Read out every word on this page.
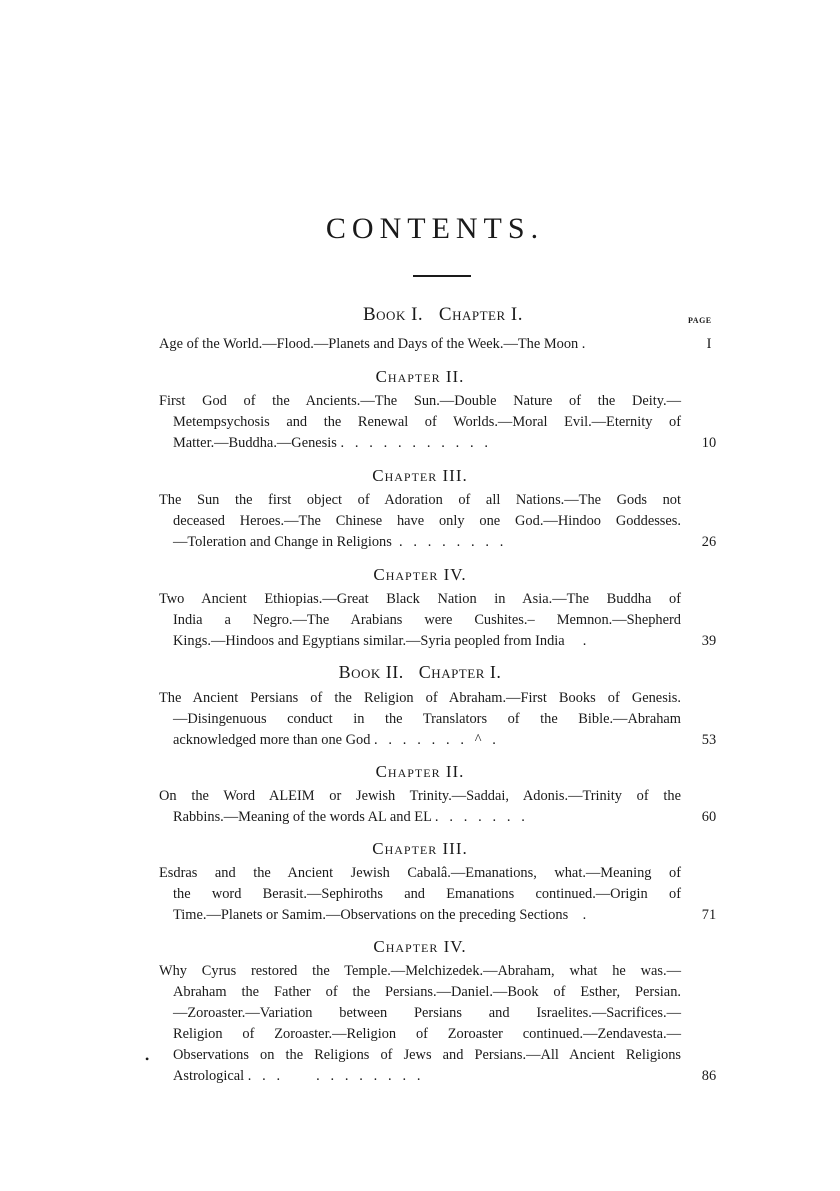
CONTENTS.
Book I. Chapter I.	PAGE
Age of the World.—Flood.—Planets and Days of the Week.—The Moon .	I
Chapter II.
First God of the Ancients.—The Sun.—Double Nature of the Deity.—
Metempsychosis and the Renewal of Worlds.—Moral Evil.—Eternity of
Matter.—Buddha.—Genesis .   .   .   .   .   .   .   .   .   .   .	10
Chapter III.
The Sun the first object of Adoration of all Nations.—The Gods not
deceased Heroes.—The Chinese have only one God.—Hindoo Goddesses.
—Toleration and Change in Religions  .   .   .   .   .   .   .   .	26
Chapter IV.
Two Ancient Ethiopias.—Great Black Nation in Asia.—The Buddha of
India a Negro.—The Arabians were Cushites.– Memnon.—Shepherd
Kings.—Hindoos and Egyptians similar.—Syria peopled from India     .	39
Book II. Chapter I.
The Ancient Persians of the Religion of Abraham.—First Books of Genesis.
—Disingenuous conduct in the Translators of the Bible.—Abraham
acknowledged more than one God .   .   .   .   .   .   .   ^   .	53
Chapter II.
On the Word ALEIM or Jewish Trinity.—Saddai, Adonis.—Trinity of the
Rabbins.—Meaning of the words AL and EL .   .   .   .   .   .   .	60
Chapter III.
Esdras and the Ancient Jewish Cabalâ.—Emanations, what.—Meaning of
the word Berasit.—Sephiroths and Emanations continued.—Origin of
Time.—Planets or Samim.—Observations on the preceding Sections    .	71
Chapter IV.
Why Cyrus restored the Temple.—Melchizedek.—Abraham, what he was.—
Abraham the Father of the Persians.—Daniel.—Book of Esther, Persian.
—Zoroaster.—Variation between Persians and Israelites.—Sacrifices.—
Religion of Zoroaster.—Religion of Zoroaster continued.—Zendavesta.—
Observations on the Religions of Jews and Persians.—All Ancient Religions
Astrological .   .   .          .   .   .   .   .   .   .   .	86
•
